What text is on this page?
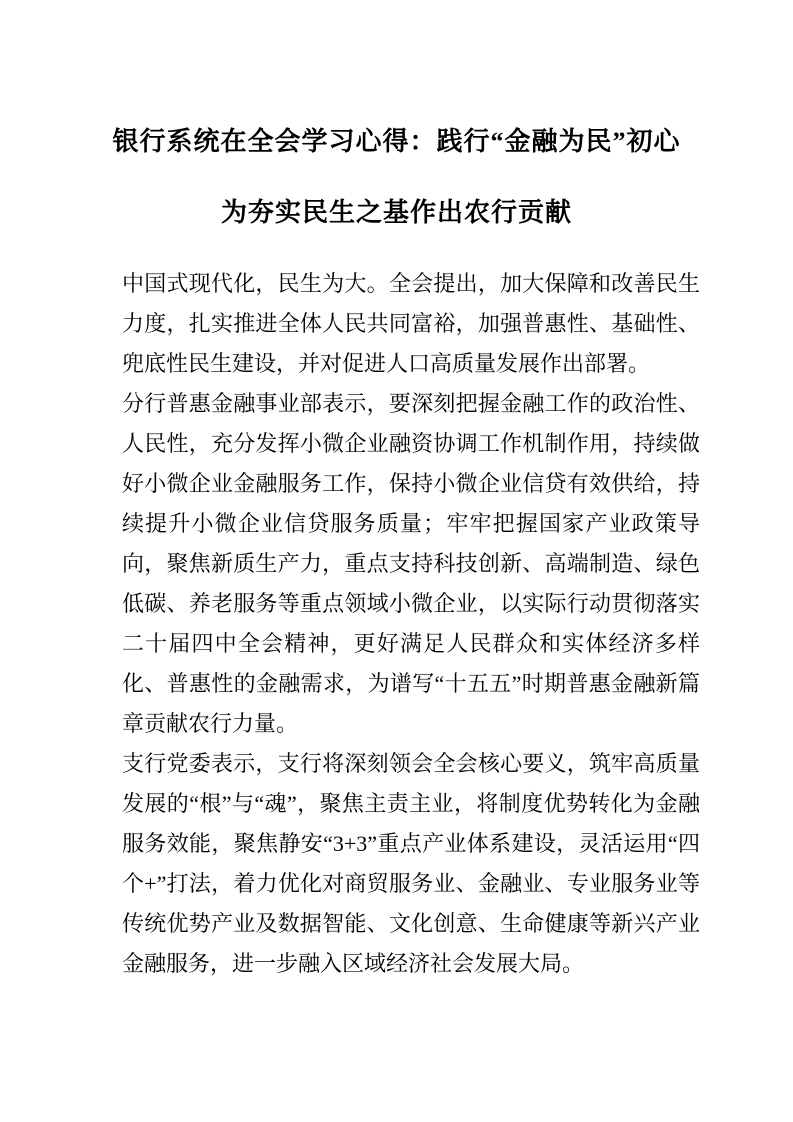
银行系统在全会学习心得：践行“金融为民”初心
为夯实民生之基作出农行贡献

中国式现代化，民生为大。全会提出，加大保障和改善民生力度，扎实推进全体人民共同富裕，加强普惠性、基础性、兜底性民生建设，并对促进人口高质量发展作出部署。

分行普惠金融事业部表示，要深刻把握金融工作的政治性、人民性，充分发挥小微企业融资协调工作机制作用，持续做好小微企业金融服务工作，保持小微企业信贷有效供给，持续提升小微企业信贷服务质量；牢牢把握国家产业政策导向，聚焦新质生产力，重点支持科技创新、高端制造、绿色低碳、养老服务等重点领域小微企业，以实际行动贯彻落实二十届四中全会精神，更好满足人民群众和实体经济多样化、普惠性的金融需求，为谱写“十五五”时期普惠金融新篇章贡献农行力量。

支行党委表示，支行将深刻领会全会核心要义，筑牢高质量发展的“根”与“魂”，聚焦主责主业，将制度优势转化为金融服务效能，聚焦静安“3+3”重点产业体系建设，灵活运用“四个+”打法，着力优化对商贸服务业、金融业、专业服务业等传统优势产业及数据智能、文化创意、生命健康等新兴产业金融服务，进一步融入区域经济社会发展大局。
